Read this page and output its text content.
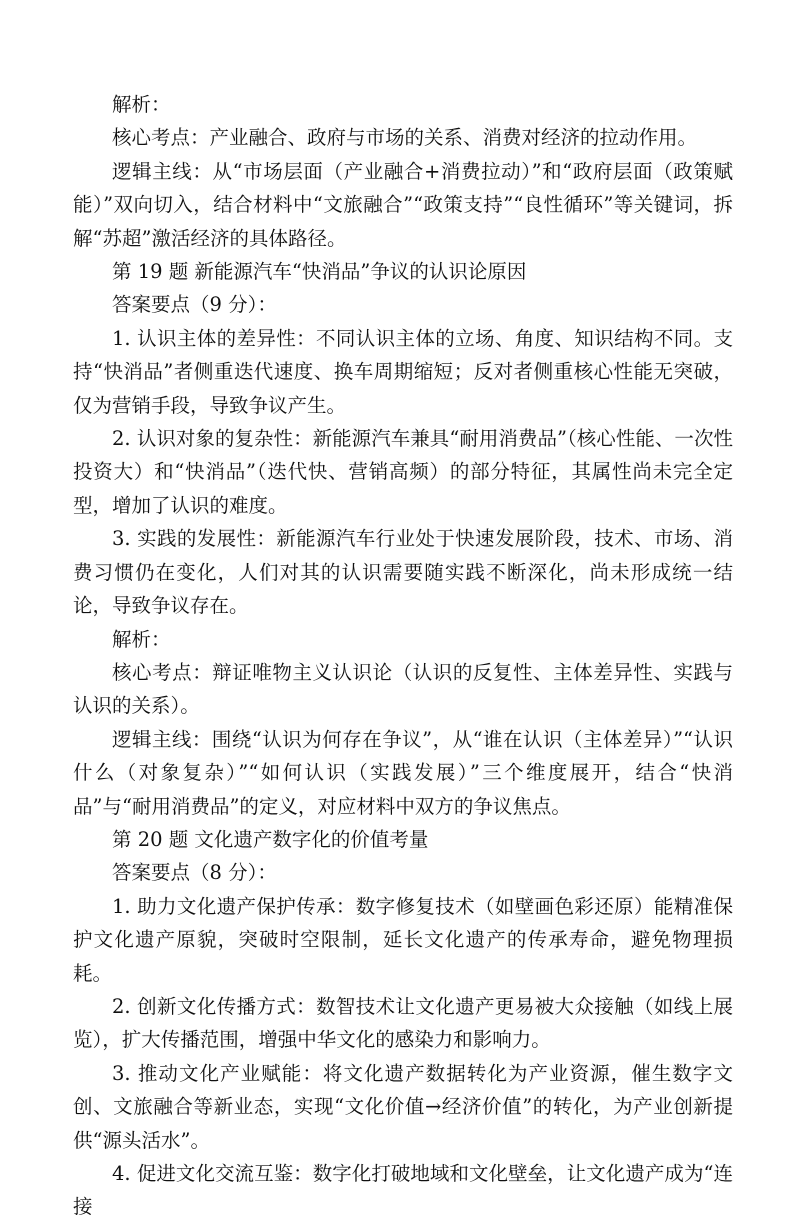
解析：

核心考点：产业融合、政府与市场的关系、消费对经济的拉动作用。

逻辑主线：从“市场层面（产业融合+消费拉动）”和“政府层面（政策赋能）”双向切入，结合材料中“文旅融合”“政策支持”“良性循环”等关键词，拆解“苏超”激活经济的具体路径。

第 19 题 新能源汽车“快消品”争议的认识论原因

答案要点（9 分）：

1. 认识主体的差异性：不同认识主体的立场、角度、知识结构不同。支持“快消品”者侧重迭代速度、换车周期缩短；反对者侧重核心性能无突破，仅为营销手段，导致争议产生。

2. 认识对象的复杂性：新能源汽车兼具“耐用消费品”（核心性能、一次性投资大）和“快消品”（迭代快、营销高频）的部分特征，其属性尚未完全定型，增加了认识的难度。

3. 实践的发展性：新能源汽车行业处于快速发展阶段，技术、市场、消费习惯仍在变化，人们对其的认识需要随实践不断深化，尚未形成统一结论，导致争议存在。

解析：

核心考点：辩证唯物主义认识论（认识的反复性、主体差异性、实践与认识的关系）。

逻辑主线：围绕“认识为何存在争议”，从“谁在认识（主体差异）”“认识什么（对象复杂）”“如何认识（实践发展）”三个维度展开，结合“快消品”与“耐用消费品”的定义，对应材料中双方的争议焦点。

第 20 题 文化遗产数字化的价值考量

答案要点（8 分）：

1. 助力文化遗产保护传承：数字修复技术（如壁画色彩还原）能精准保护文化遗产原貌，突破时空限制，延长文化遗产的传承寿命，避免物理损耗。

2. 创新文化传播方式：数智技术让文化遗产更易被大众接触（如线上展览），扩大传播范围，增强中华文化的感染力和影响力。

3. 推动文化产业赋能：将文化遗产数据转化为产业资源，催生数字文创、文旅融合等新业态，实现“文化价值→经济价值”的转化，为产业创新提供“源头活水”。

4. 促进文化交流互鉴：数字化打破地域和文化壁垒，让文化遗产成为“连接
